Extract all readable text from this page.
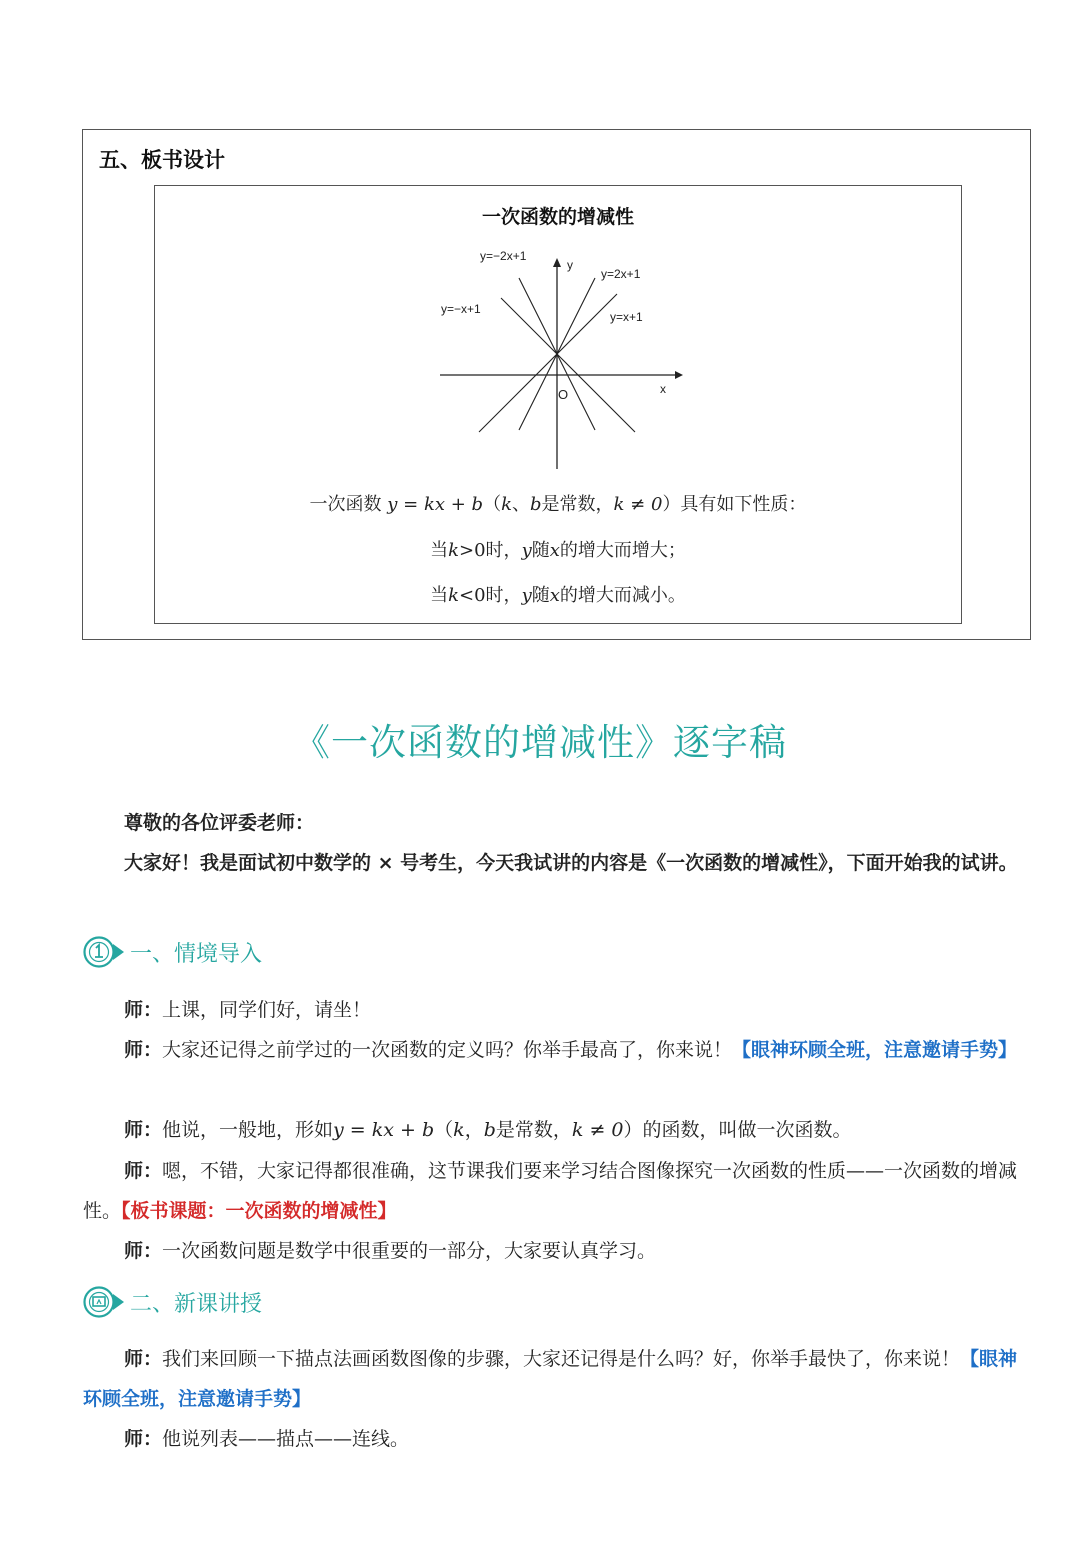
五、板书设计
一次函数的增减性
y=−2x+1
y
y=2x+1
y=−x+1
y=x+1
x
O
一次函数 y = kx + b（k、b是常数，k ≠ 0）具有如下性质：
当k>0时，y随x的增大而增大；
当k<0时，y随x的增大而减小。
《一次函数的增减性》逐字稿
尊敬的各位评委老师：
大家好！我是面试初中数学的 × 号考生，今天我试讲的内容是《一次函数的增减性》，下面开始我的试讲。
一、情境导入
师：上课，同学们好，请坐！
师：大家还记得之前学过的一次函数的定义吗？你举手最高了，你来说！【眼神环顾全班，注意邀请手势】
师：他说，一般地，形如y = kx + b（k，b是常数，k ≠ 0）的函数，叫做一次函数。
师：嗯，不错，大家记得都很准确，这节课我们要来学习结合图像探究一次函数的性质——一次函数的增减性。【板书课题：一次函数的增减性】
师：一次函数问题是数学中很重要的一部分，大家要认真学习。
二、新课讲授
师：我们来回顾一下描点法画函数图像的步骤，大家还记得是什么吗？好，你举手最快了，你来说！【眼神环顾全班，注意邀请手势】
师：他说列表——描点——连线。
